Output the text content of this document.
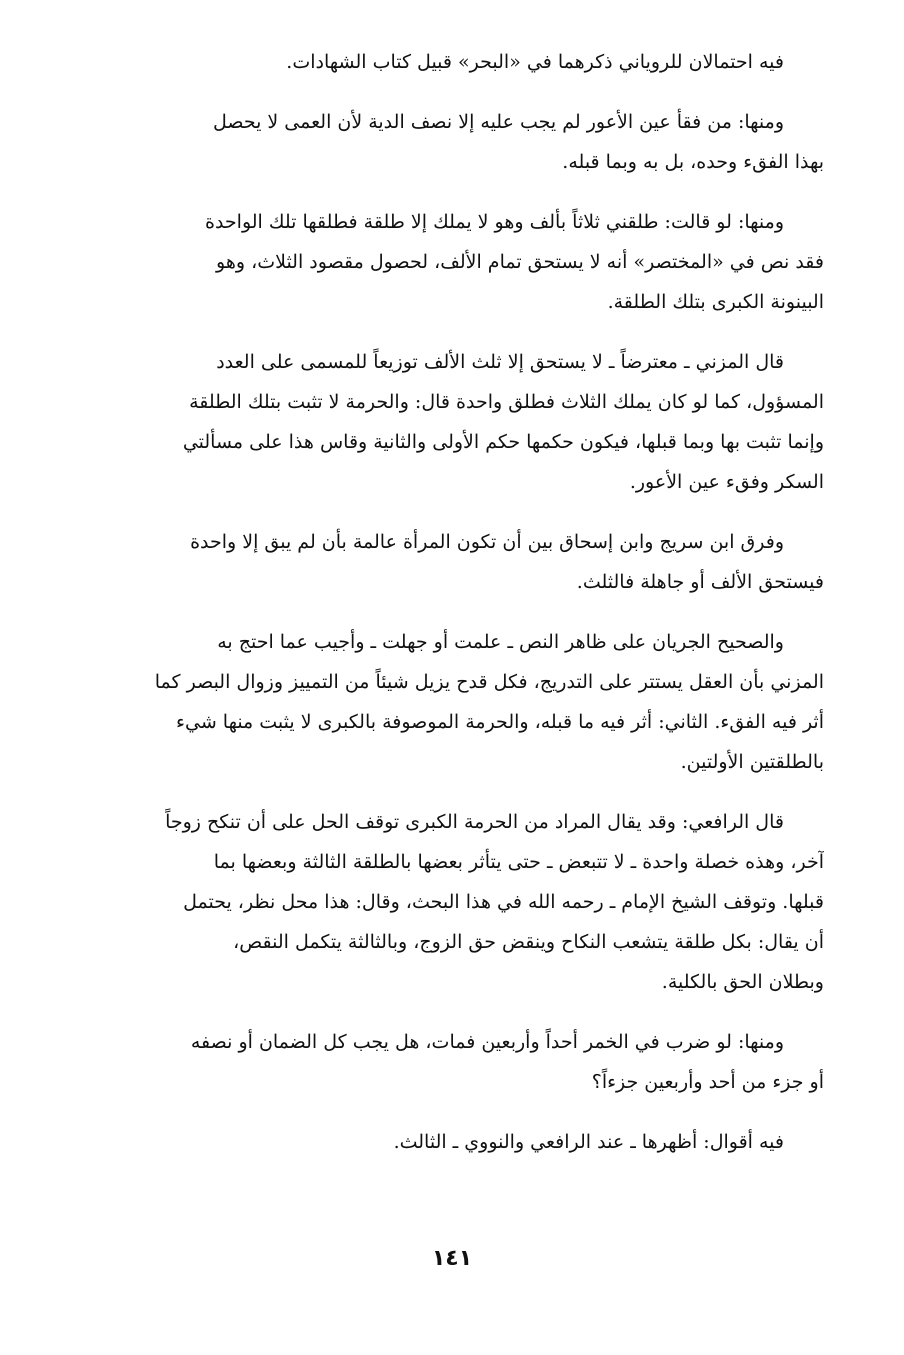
فيه احتمالان للروياني ذكرهما في «البحر» قبيل كتاب الشهادات.
ومنها: من فقأ عين الأعور لم يجب عليه إلا نصف الدية لأن العمى لا يحصل
بهذا الفقء وحده، بل به وبما قبله.
ومنها: لو قالت: طلقني ثلاثاً بألف وهو لا يملك إلا طلقة فطلقها تلك الواحدة
فقد نص في «المختصر» أنه لا يستحق تمام الألف، لحصول مقصود الثلاث، وهو
البينونة الكبرى بتلك الطلقة.
قال المزني ـ معترضاً ـ لا يستحق إلا ثلث الألف توزيعاً للمسمى على العدد
المسؤول، كما لو كان يملك الثلاث فطلق واحدة قال: والحرمة لا تثبت بتلك الطلقة
وإنما تثبت بها وبما قبلها، فيكون حكمها حكم الأولى والثانية وقاس هذا على مسألتي
السكر وفقء عين الأعور.
وفرق ابن سريج وابن إسحاق بين أن تكون المرأة عالمة بأن لم يبق إلا واحدة
فيستحق الألف أو جاهلة فالثلث.
والصحيح الجريان على ظاهر النص ـ علمت أو جهلت ـ وأجيب عما احتج به
المزني بأن العقل يستتر على التدريج، فكل قدح يزيل شيئاً من التمييز وزوال البصر كما
أثر فيه الفقء. الثاني: أثر فيه ما قبله، والحرمة الموصوفة بالكبرى لا يثبت منها شيء
بالطلقتين الأولتين.
قال الرافعي: وقد يقال المراد من الحرمة الكبرى توقف الحل على أن تنكح زوجاً
آخر، وهذه خصلة واحدة ـ لا تتبعض ـ حتى يتأثر بعضها بالطلقة الثالثة وبعضها بما
قبلها. وتوقف الشيخ الإمام ـ رحمه الله في هذا البحث، وقال: هذا محل نظر، يحتمل
أن يقال: بكل طلقة يتشعب النكاح وينقض حق الزوج، وبالثالثة يتكمل النقص،
وبطلان الحق بالكلية.
ومنها: لو ضرب في الخمر أحداً وأربعين فمات، هل يجب كل الضمان أو نصفه
أو جزء من أحد وأربعين جزءاً؟
فيه أقوال: أظهرها ـ عند الرافعي والنووي ـ الثالث.
١٤١
